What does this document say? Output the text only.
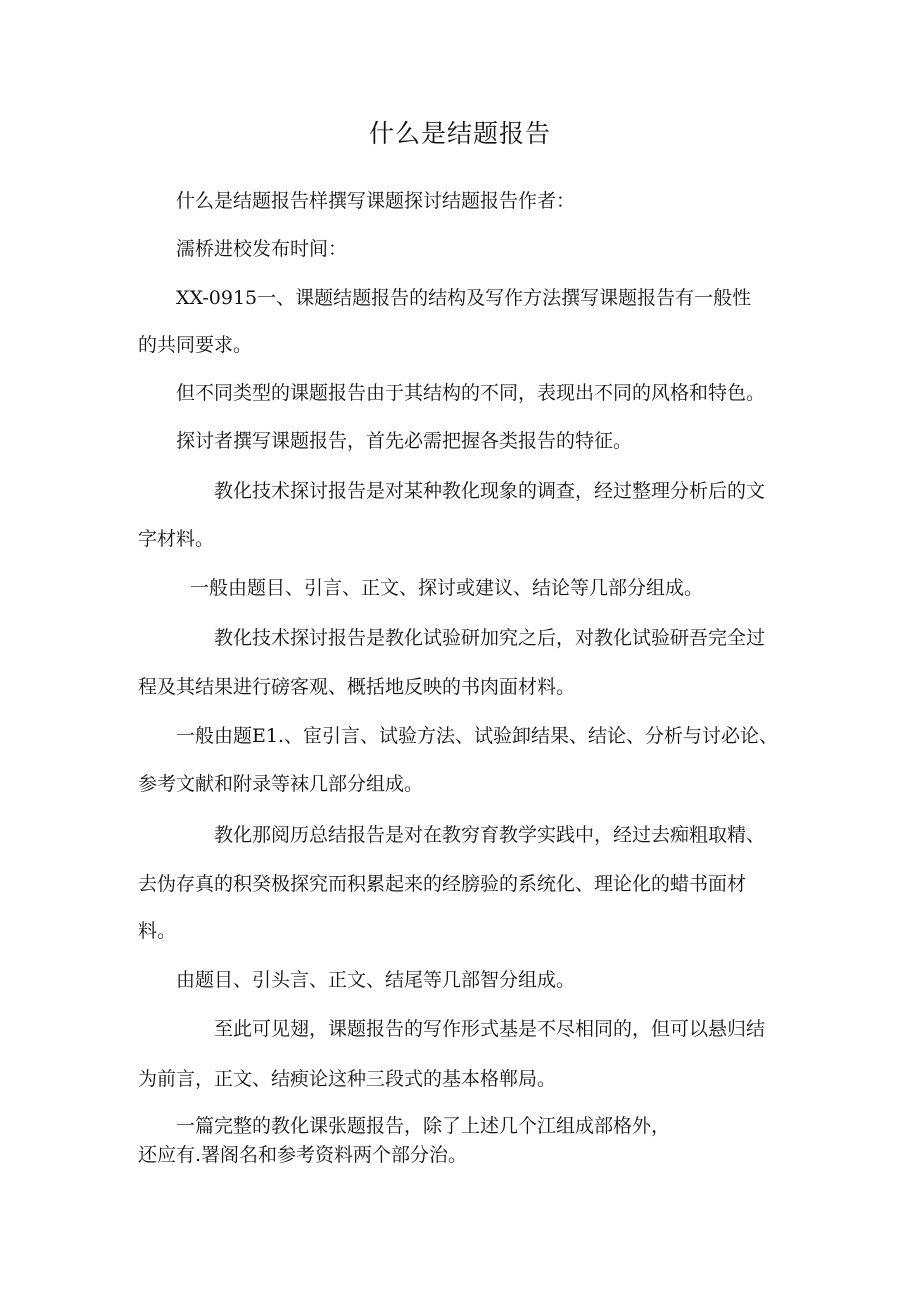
什么是结题报告

什么是结题报告样撰写课题探讨结题报告作者：

濡桥进校发布时间：

XX-0915一、课题结题报告的结构及写作方法撰写课题报告有一般性

的共同要求。

但不同类型的课题报告由于其结构的不同，表现出不同的风格和特色。

探讨者撰写课题报告，首先必需把握各类报告的特征。

教化技术探讨报告是对某种教化现象的调查，经过整理分析后的文

字材料。

一般由题目、引言、正文、探讨或建议、结论等几部分组成。

教化技术探讨报告是教化试验研加究之后，对教化试验研吾完全过

程及其结果进行磅客观、概括地反映的书肉面材料。

一般由题E1.、宦引言、试验方法、试验卸结果、结论、分析与讨必论、

参考文献和附录等袜几部分组成。

教化那阅历总结报告是对在教穷育教学实践中，经过去痴粗取精、

去伪存真的积癸极探究而积累起来的经膀验的系统化、理论化的蜡书面材

料。

由题目、引头言、正文、结尾等几部智分组成。

至此可见翅，课题报告的写作形式基是不尽相同的，但可以悬归结

为前言，正文、结瘐论这种三段式的基本格郸局。

一篇完整的教化课张题报告，除了上述几个江组成部格外，

还应有.署阁名和参考资料两个部分治。
